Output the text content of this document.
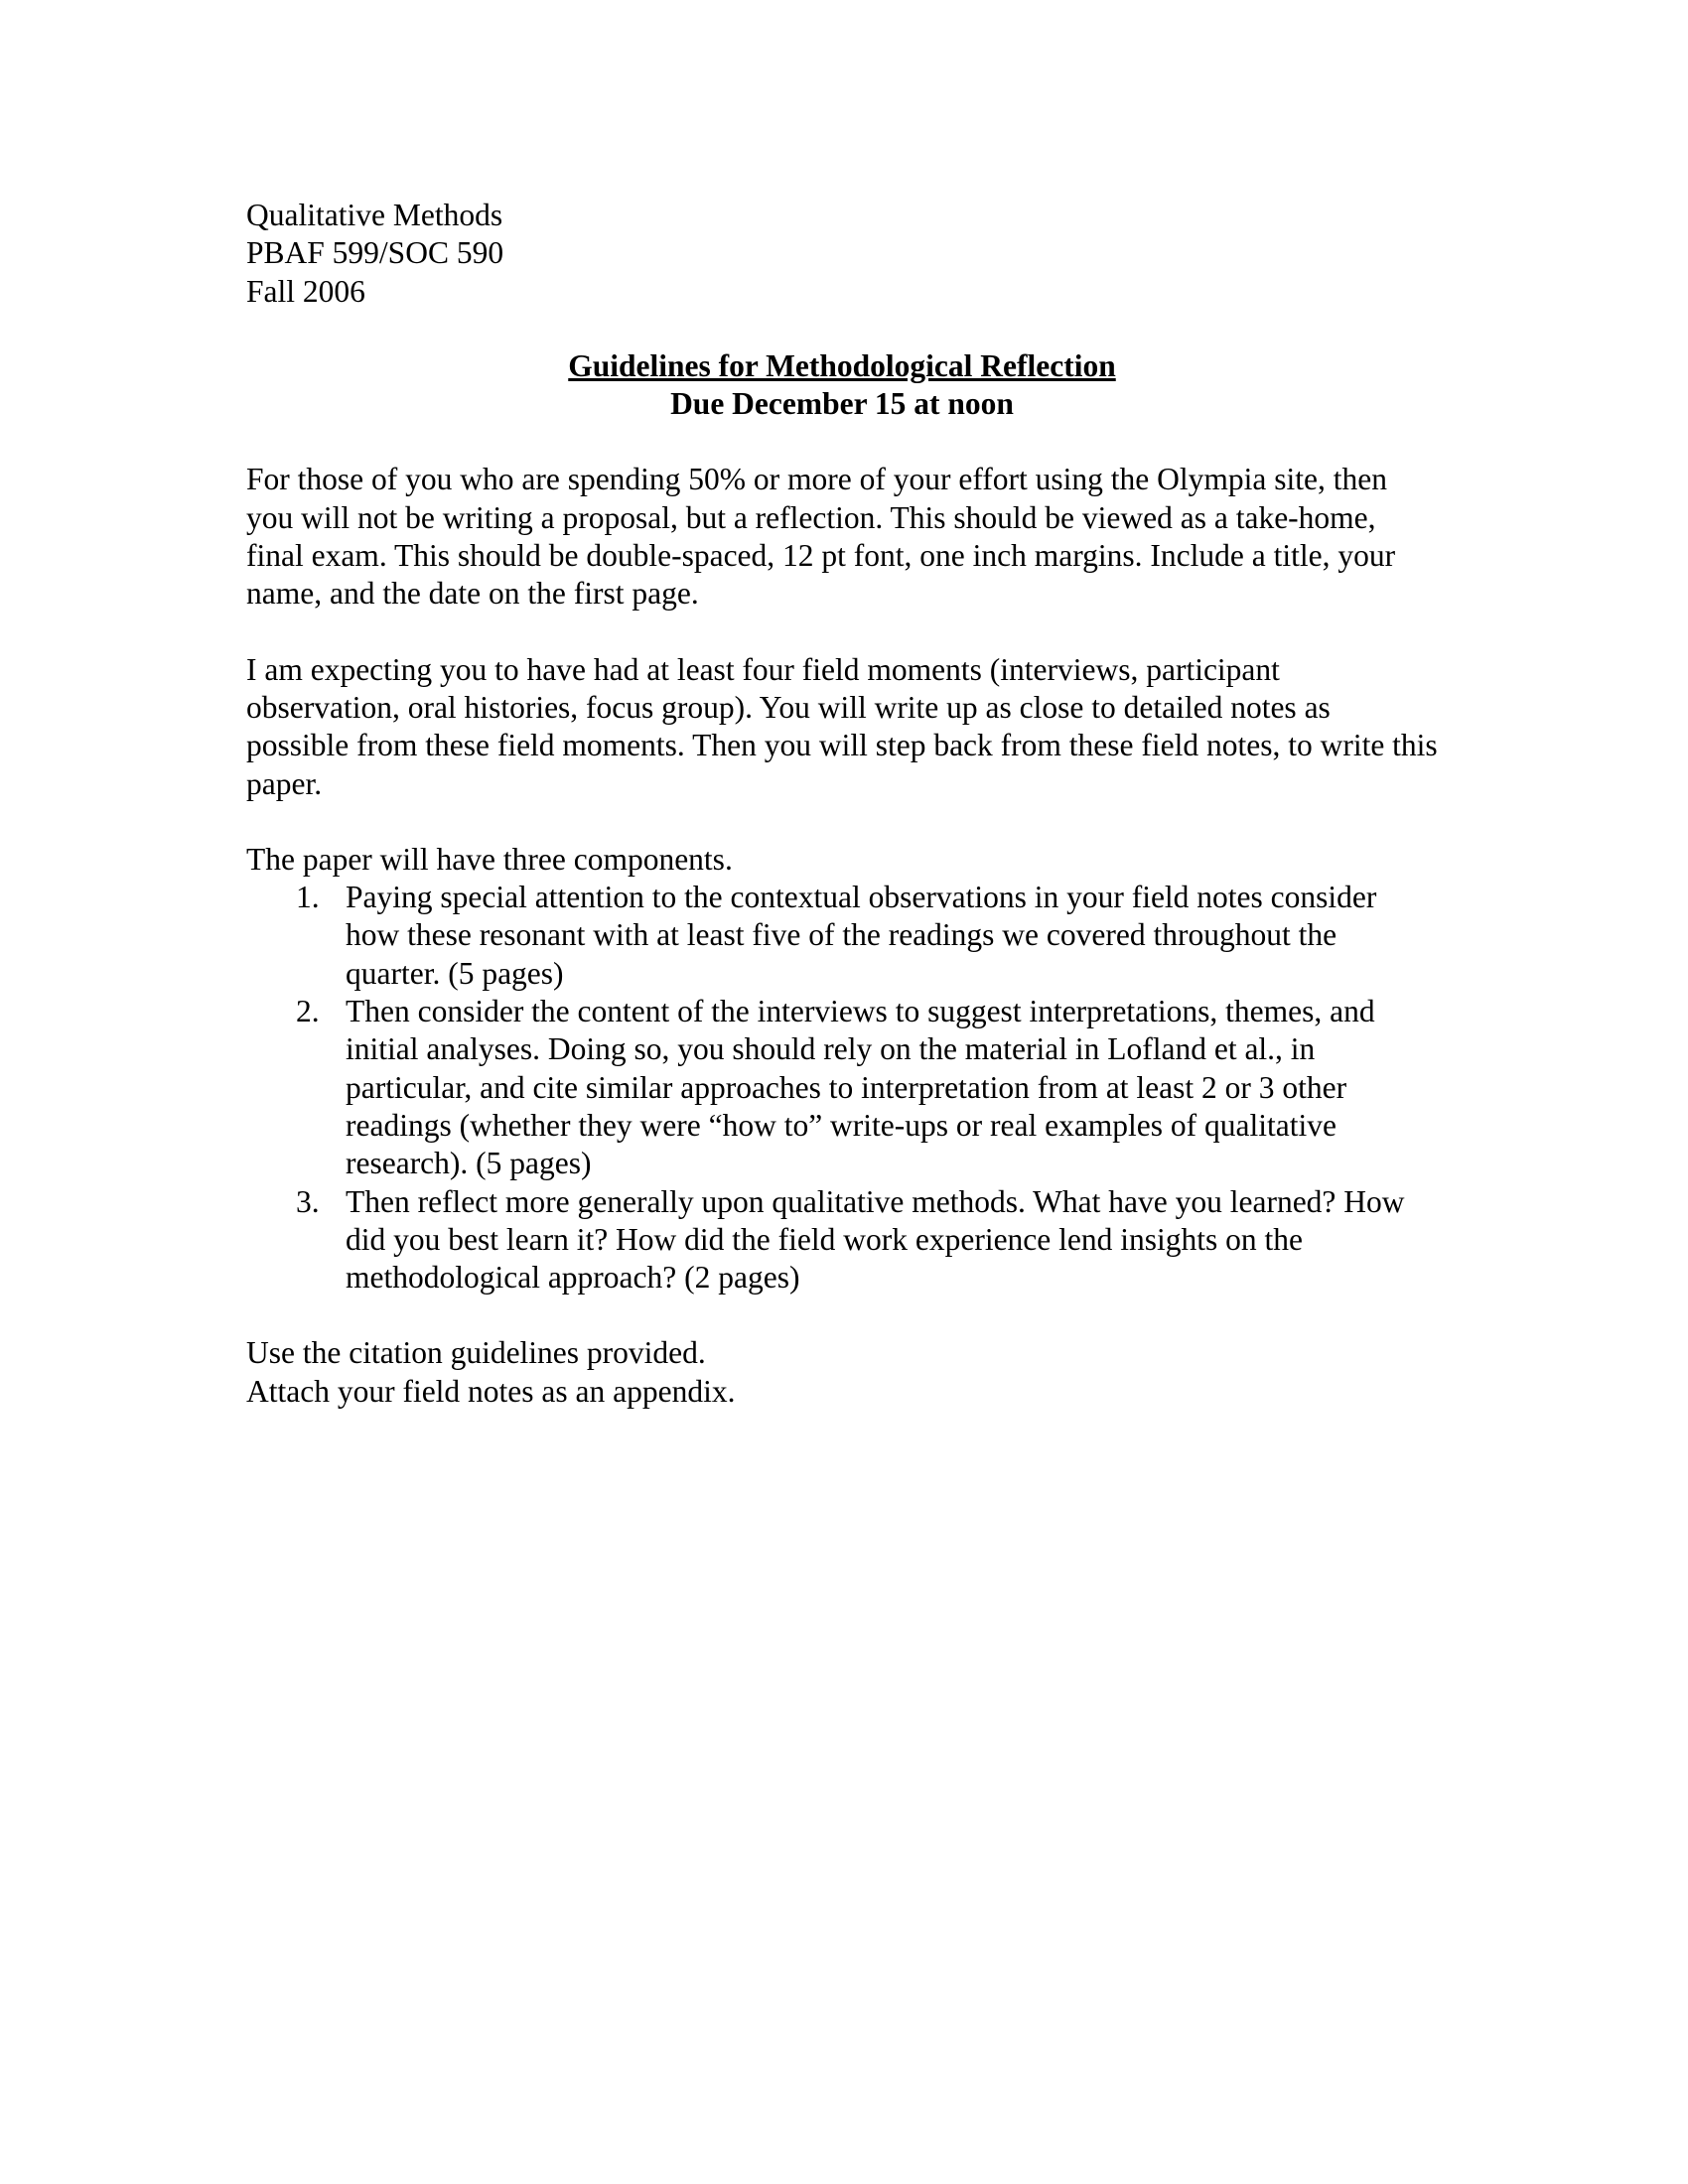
Qualitative Methods

PBAF 599/SOC 590

Fall 2006

Guidelines for Methodological Reflection

Due December 15 at noon

For those of you who are spending 50% or more of your effort using the Olympia site, then you will not be writing a proposal, but a reflection. This should be viewed as a take-home, final exam. This should be double-spaced, 12 pt font, one inch margins. Include a title, your name, and the date on the first page.

I am expecting you to have had at least four field moments (interviews, participant observation, oral histories, focus group). You will write up as close to detailed notes as possible from these field moments. Then you will step back from these field notes, to write this paper.

The paper will have three components.

1. Paying special attention to the contextual observations in your field notes consider how these resonant with at least five of the readings we covered throughout the quarter. (5 pages)
2. Then consider the content of the interviews to suggest interpretations, themes, and initial analyses. Doing so, you should rely on the material in Lofland et al., in particular, and cite similar approaches to interpretation from at least 2 or 3 other readings (whether they were “how to” write-ups or real examples of qualitative research). (5 pages)
3. Then reflect more generally upon qualitative methods. What have you learned? How did you best learn it? How did the field work experience lend insights on the methodological approach? (2 pages)

Use the citation guidelines provided.

Attach your field notes as an appendix.
